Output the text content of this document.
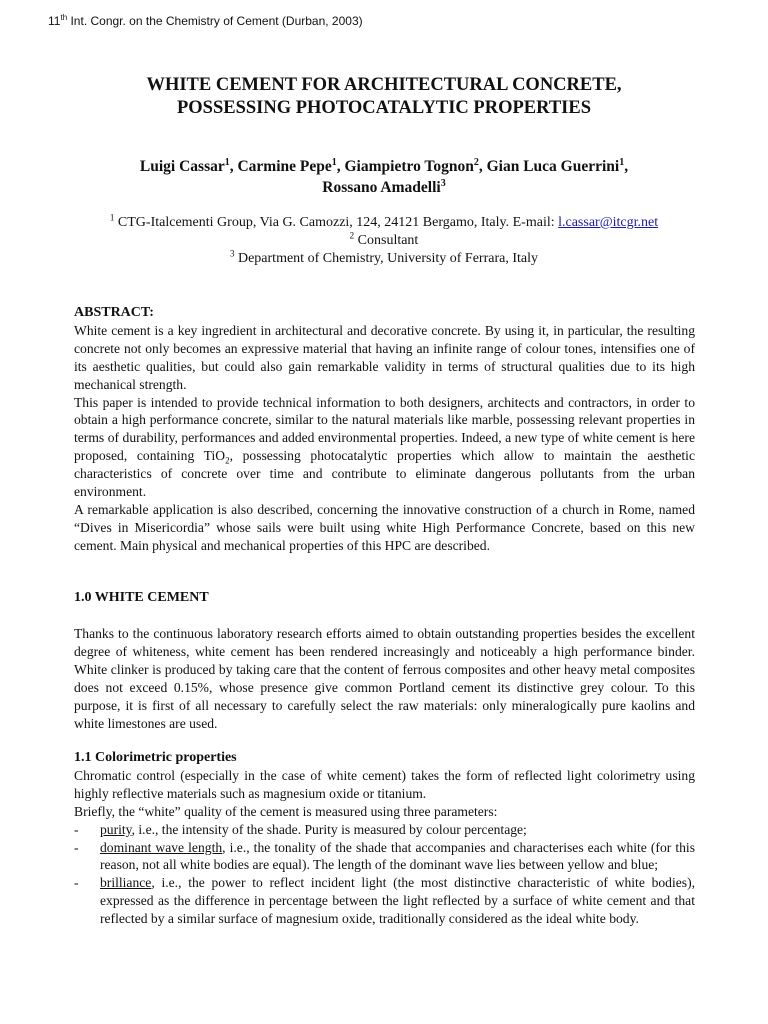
11th Int. Congr. on the Chemistry of Cement (Durban, 2003)
WHITE CEMENT FOR ARCHITECTURAL CONCRETE,
POSSESSING PHOTOCATALYTIC PROPERTIES
Luigi Cassar$^1$, Carmine Pepe$^1$, Giampietro Tognon$^2$, Gian Luca Guerrini$^1$,
Rossano Amadelli$^3$
$^1$ CTG-Italcementi Group, Via G. Camozzi, 124, 24121 Bergamo, Italy. E-mail: l.cassar@itcgr.net
$^2$ Consultant
$^3$ Department of Chemistry, University of Ferrara, Italy

ABSTRACT:

White cement is a key ingredient in architectural and decorative concrete. By using it, in particular, the resulting concrete not only becomes an expressive material that having an infinite range of colour tones, intensifies one of its aesthetic qualities, but could also gain remarkable validity in terms of structural qualities due to its high mechanical strength.

This paper is intended to provide technical information to both designers, architects and contractors, in order to obtain a high performance concrete, similar to the natural materials like marble, possessing relevant properties in terms of durability, performances and added environmental properties. Indeed, a new type of white cement is here proposed, containing TiO$_2$, possessing photocatalytic properties which allow to maintain the aesthetic characteristics of concrete over time and contribute to eliminate dangerous pollutants from the urban environment.

A remarkable application is also described, concerning the innovative construction of a church in Rome, named “Dives in Misericordia” whose sails were built using white High Performance Concrete, based on this new cement. Main physical and mechanical properties of this HPC are described.

1.0 WHITE CEMENT

Thanks to the continuous laboratory research efforts aimed to obtain outstanding properties besides the excellent degree of whiteness, white cement has been rendered increasingly and noticeably a high performance binder. White clinker is produced by taking care that the content of ferrous composites and other heavy metal composites does not exceed 0.15%, whose presence give common Portland cement its distinctive grey colour. To this purpose, it is first of all necessary to carefully select the raw materials: only mineralogically pure kaolins and white limestones are used.

1.1 Colorimetric properties

Chromatic control (especially in the case of white cement) takes the form of reflected light colorimetry using highly reflective materials such as magnesium oxide or titanium.

Briefly, the “white” quality of the cement is measured using three parameters:

- purity, i.e., the intensity of the shade. Purity is measured by colour percentage;
- dominant wave length, i.e., the tonality of the shade that accompanies and characterises each white (for this reason, not all white bodies are equal). The length of the dominant wave lies between yellow and blue;
- brilliance, i.e., the power to reflect incident light (the most distinctive characteristic of white bodies), expressed as the difference in percentage between the light reflected by a surface of white cement and that reflected by a similar surface of magnesium oxide, traditionally considered as the ideal white body.
